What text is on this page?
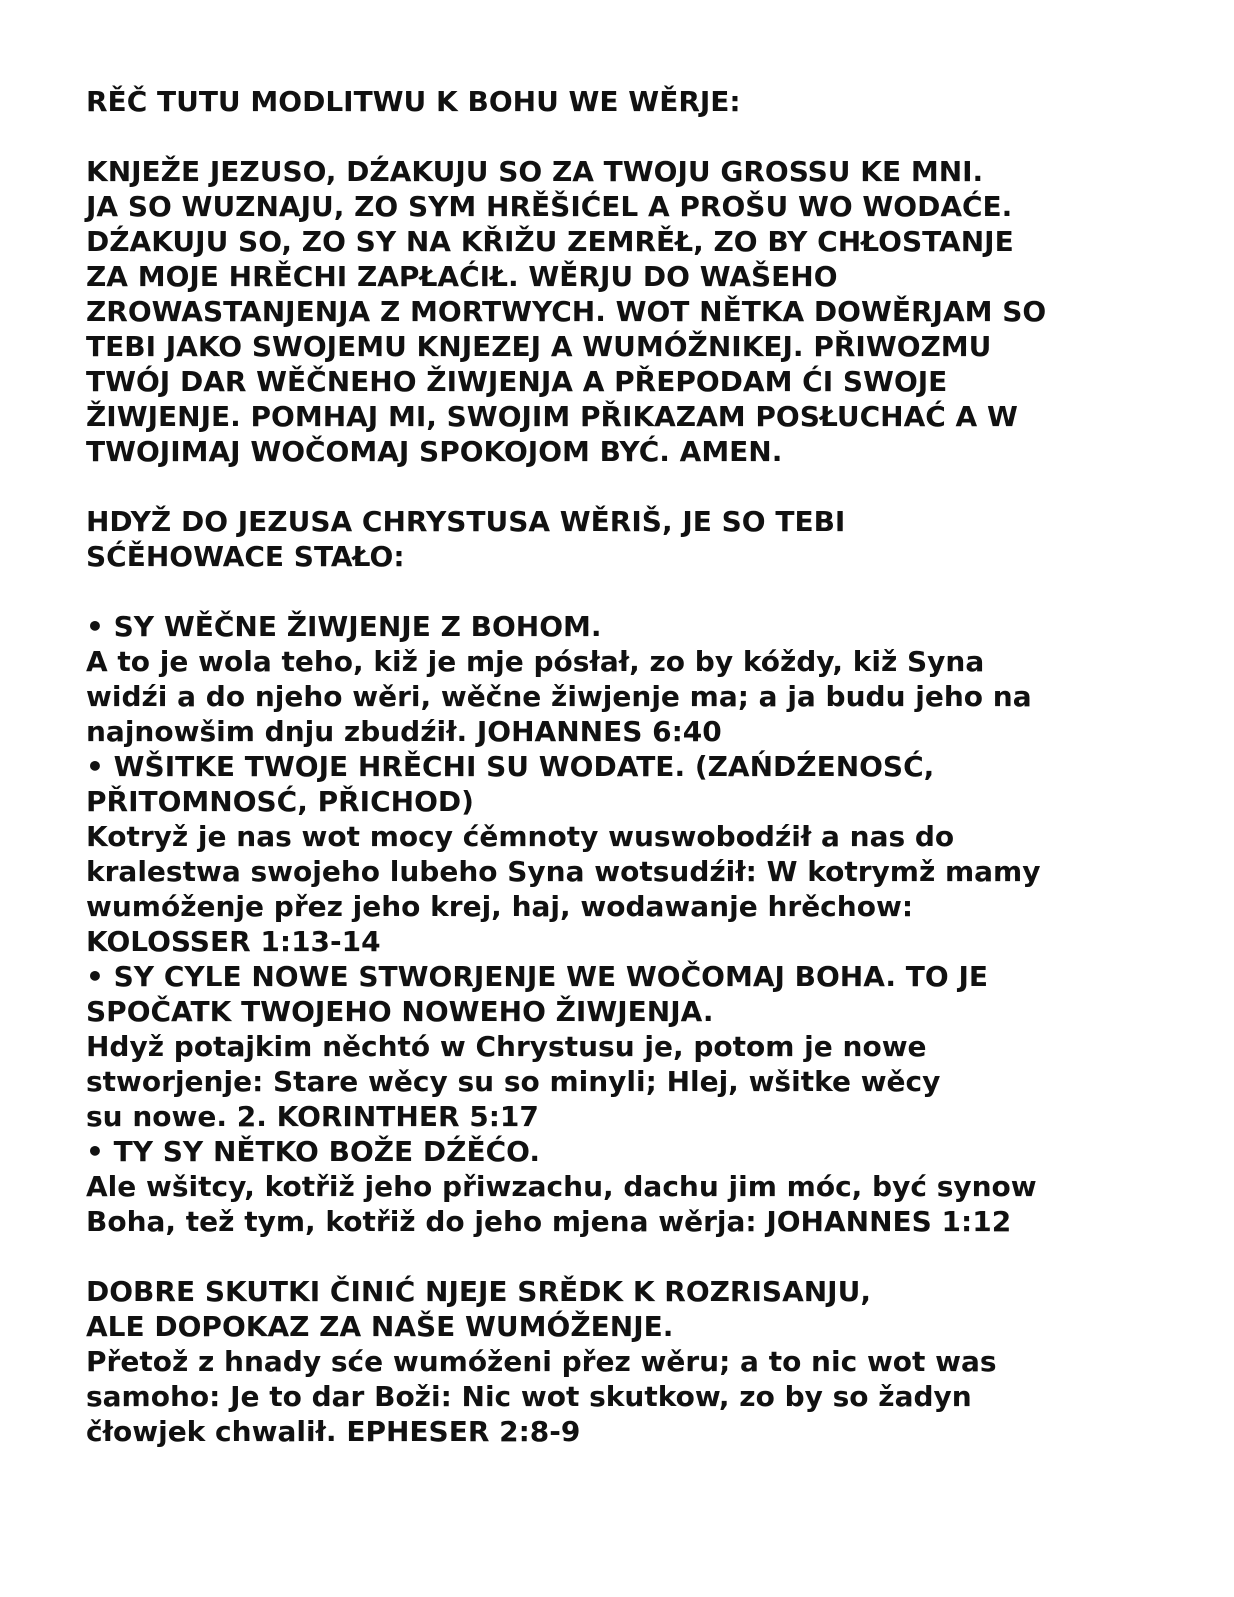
RĚČ TUTU MODLITWU K BOHU WE WĚRJE:
KNJEŽE JEZUSO, DŹAKUJU SO ZA TWOJU GROSSU KE MNI.
JA SO WUZNAJU, ZO SYM HRĚŠIĆEL A PROŠU WO WODAĆE.
DŹAKUJU SO, ZO SY NA KŘIŽU ZEMRĚŁ, ZO BY CHŁOSTANJE
ZA MOJE HRĚCHI ZAPŁAĆIŁ. WĚRJU DO WAŠEHO
ZROWASTANJENJA Z MORTWYCH. WOT NĚTKA DOWĚRJAM SO
TEBI JAKO SWOJEMU KNJEZEJ A WUMÓŽNIKEJ. PŘIWOZMU
TWÓJ DAR WĚČNEHO ŽIWJENJA A PŘEPODAM ĆI SWOJE
ŽIWJENJE. POMHAJ MI, SWOJIM PŘIKAZAM POSŁUCHAĆ A W
TWOJIMAJ WOČOMAJ SPOKOJOM BYĆ. AMEN.
HDYŽ DO JEZUSA CHRYSTUSA WĚRIŠ, JE SO TEBI
SĆĚHOWACE STAŁO:
• SY WĚČNE ŽIWJENJE Z BOHOM.
A to je wola teho, kiž je mje pósłał, zo by kóždy, kiž Syna
widźi a do njeho wěri, wěčne žiwjenje ma; a ja budu jeho na
najnowšim dnju zbudźił. JOHANNES 6:40
• WŠITKE TWOJE HRĚCHI SU WODATE. (ZAŃDŹENOSĆ,
PŘITOMNOSĆ, PŘICHOD)
Kotryž je nas wot mocy ćěmnoty wuswobodźił a nas do
kralestwa swojeho lubeho Syna wotsudźił: W kotrymž mamy
wumóženje přez jeho krej, haj, wodawanje hrěchow:
KOLOSSER 1:13-14
• SY CYLE NOWE STWORJENJE WE WOČOMAJ BOHA. TO JE
SPOČATK TWOJEHO NOWEHO ŽIWJENJA.
Hdyž potajkim něchtó w Chrystusu je, potom je nowe
stworjenje: Stare wěcy su so minyli; Hlej, wšitke wěcy
su nowe. 2. KORINTHER 5:17
• TY SY NĚTKO BOŽE DŹĚĆO.
Ale wšitcy, kotřiž jeho přiwzachu, dachu jim móc, być synow
Boha, tež tym, kotřiž do jeho mjena wěrja: JOHANNES 1:12
DOBRE SKUTKI ČINIĆ NJEJE SRĚDK K ROZRISANJU,
ALE DOPOKAZ ZA NAŠE WUMÓŽENJE.
Přetož z hnady sće wumóženi přez wěru; a to nic wot was
samoho: Je to dar Boži: Nic wot skutkow, zo by so žadyn
čłowjek chwalił. EPHESER 2:8-9
